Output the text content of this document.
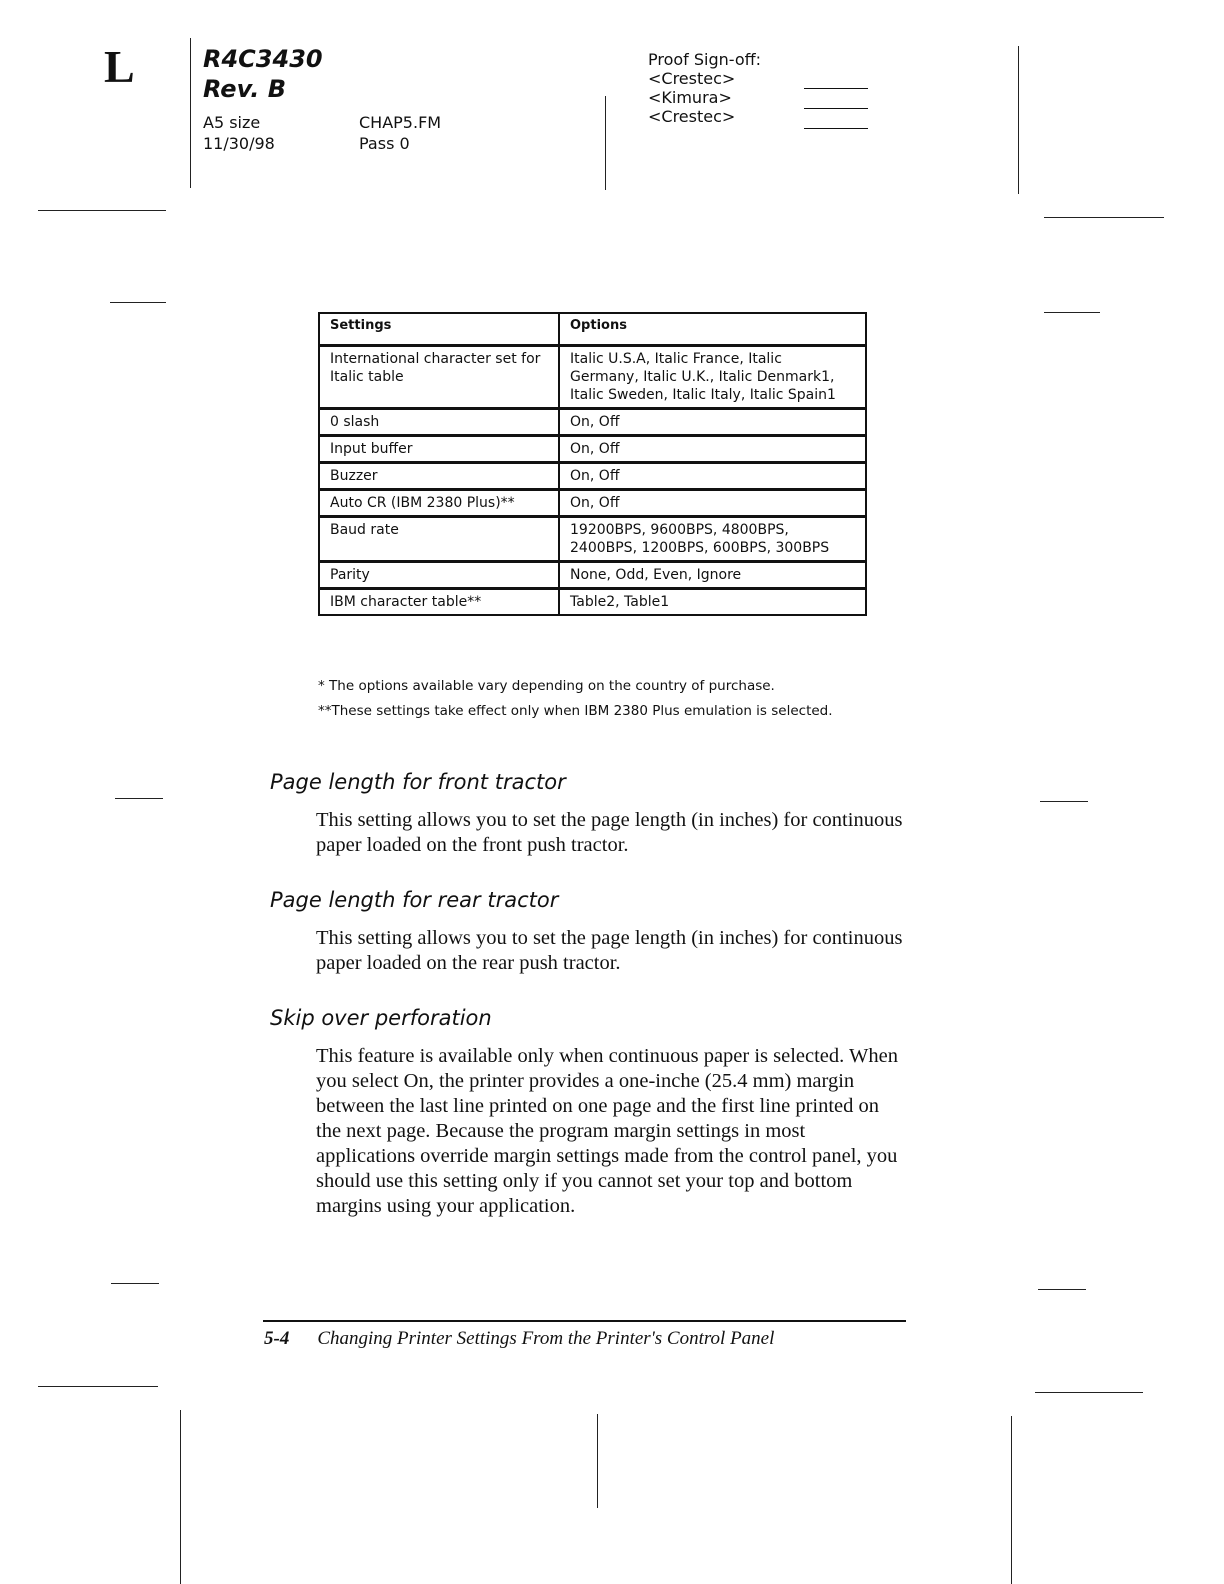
L	R4C3430
Rev. B
A5 size
11/30/98
CHAP5.FM
Pass 0
Proof Sign-off:
<Crestec>
<Kimura>
<Crestec>
Settings	Options
International character set for Italic table	Italic U.S.A, Italic France, Italic Germany, Italic U.K., Italic Denmark1, Italic Sweden, Italic Italy, Italic Spain1
0 slash	On, Off
Input buffer	On, Off
Buzzer	On, Off
Auto CR (IBM 2380 Plus)**	On, Off
Baud rate	19200BPS, 9600BPS, 4800BPS, 2400BPS, 1200BPS, 600BPS, 300BPS
Parity	None, Odd, Even, Ignore
IBM character table**	Table2, Table1
* The options available vary depending on the country of purchase.
**These settings take effect only when IBM 2380 Plus emulation is selected.
Page length for front tractor
This setting allows you to set the page length (in inches) for continuous paper loaded on the front push tractor.
Page length for rear tractor
This setting allows you to set the page length (in inches) for continuous paper loaded on the rear push tractor.
Skip over perforation
This feature is available only when continuous paper is selected. When you select On, the printer provides a one-inche (25.4 mm) margin between the last line printed on one page and the first line printed on the next page. Because the program margin settings in most applications override margin settings made from the control panel, you should use this setting only if you cannot set your top and bottom margins using your application.
5-4 Changing Printer Settings From the Printer's Control Panel
